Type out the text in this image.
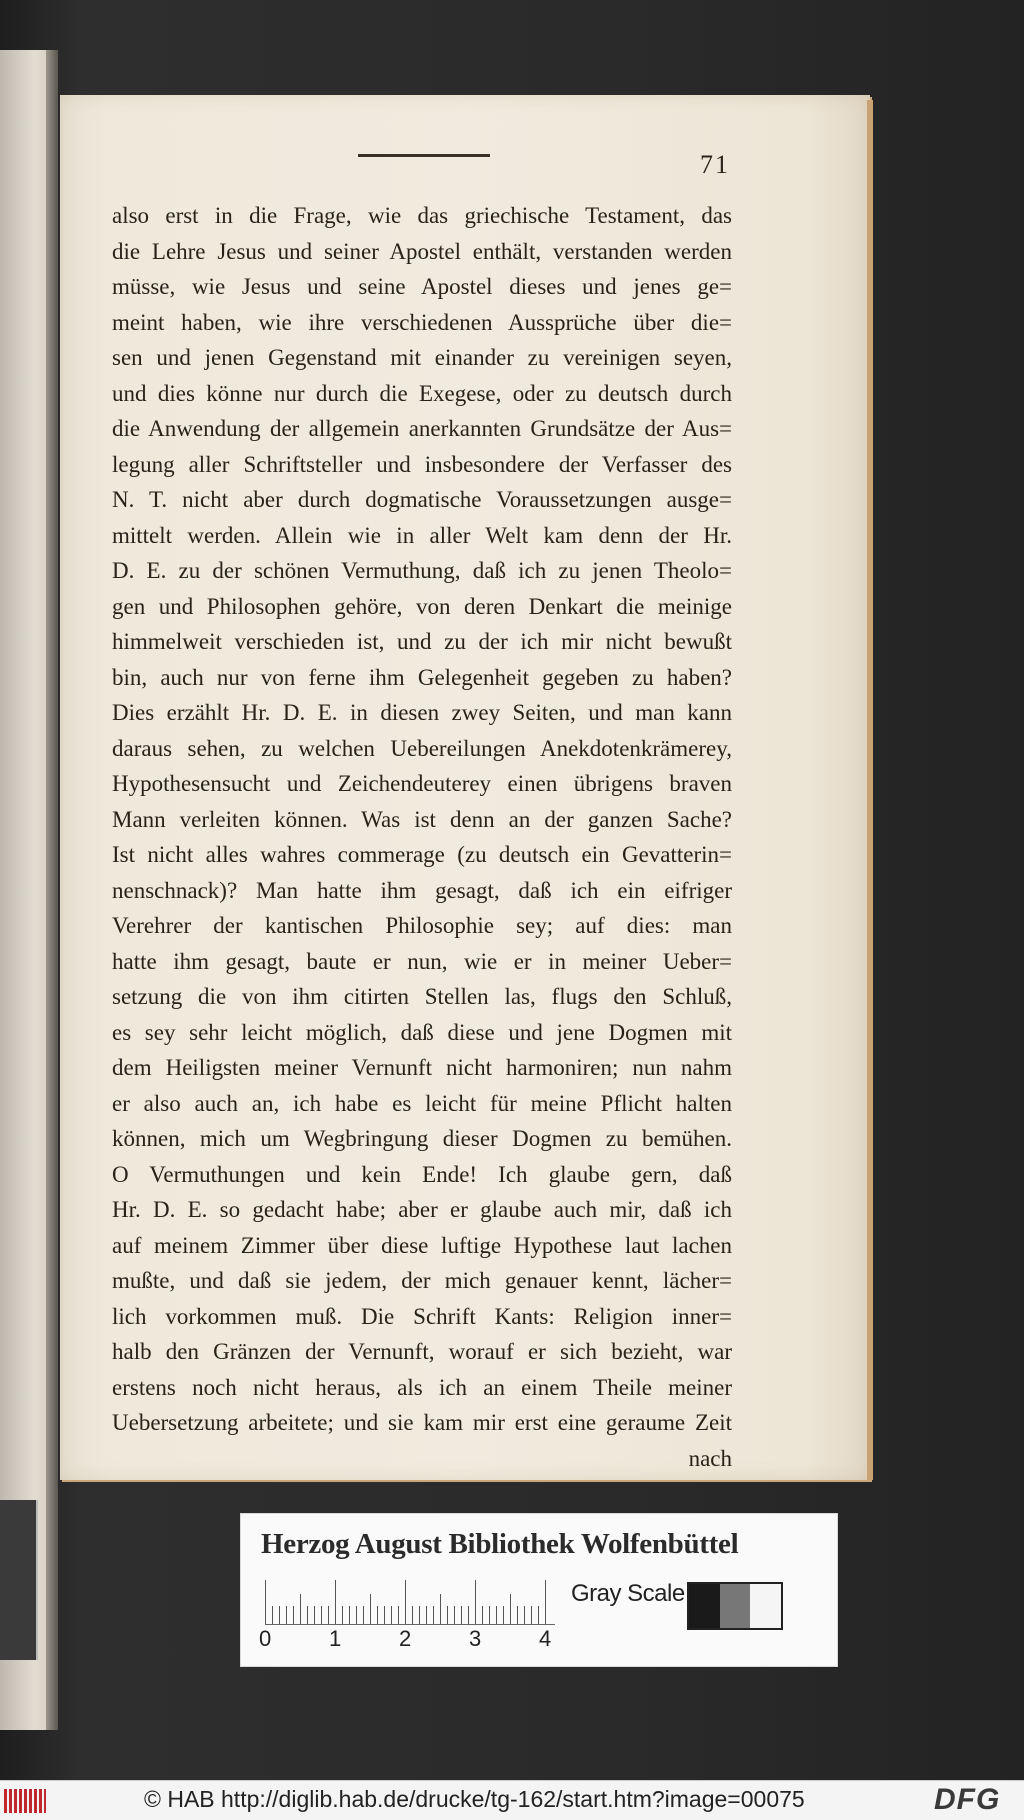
71
also erst in die Frage, wie das griechische Testament, das
die Lehre Jesus und seiner Apostel enthält, verstanden werden
müsse, wie Jesus und seine Apostel dieses und jenes ge=
meint haben, wie ihre verschiedenen Aussprüche über die=
sen und jenen Gegenstand mit einander zu vereinigen seyen,
und dies könne nur durch die Exegese, oder zu deutsch durch
die Anwendung der allgemein anerkannten Grundsätze der Aus=
legung aller Schriftsteller und insbesondere der Verfasser des
N. T. nicht aber durch dogmatische Voraussetzungen ausge=
mittelt werden. Allein wie in aller Welt kam denn der Hr.
D. E. zu der schönen Vermuthung, daß ich zu jenen Theolo=
gen und Philosophen gehöre, von deren Denkart die meinige
himmelweit verschieden ist, und zu der ich mir nicht bewußt
bin, auch nur von ferne ihm Gelegenheit gegeben zu haben?
Dies erzählt Hr. D. E. in diesen zwey Seiten, und man kann
daraus sehen, zu welchen Uebereilungen Anekdotenkrämerey,
Hypothesensucht und Zeichendeuterey einen übrigens braven
Mann verleiten können. Was ist denn an der ganzen Sache?
Ist nicht alles wahres commerage (zu deutsch ein Gevatterin=
nenschnack)? Man hatte ihm gesagt, daß ich ein eifriger
Verehrer der kantischen Philosophie sey; auf dies: man
hatte ihm gesagt, baute er nun, wie er in meiner Ueber=
setzung die von ihm citirten Stellen las, flugs den Schluß,
es sey sehr leicht möglich, daß diese und jene Dogmen mit
dem Heiligsten meiner Vernunft nicht harmoniren; nun nahm
er also auch an, ich habe es leicht für meine Pflicht halten
können, mich um Wegbringung dieser Dogmen zu bemühen.
O Vermuthungen und kein Ende! Ich glaube gern, daß
Hr. D. E. so gedacht habe; aber er glaube auch mir, daß ich
auf meinem Zimmer über diese luftige Hypothese laut lachen
mußte, und daß sie jedem, der mich genauer kennt, lächer=
lich vorkommen muß. Die Schrift Kants: Religion inner=
halb den Gränzen der Vernunft, worauf er sich bezieht, war
erstens noch nicht heraus, als ich an einem Theile meiner
Uebersetzung arbeitete; und sie kam mir erst eine geraume Zeit
nach
Herzog August Bibliothek Wolfenbüttel
0	1	2	3	4
Gray Scale
© HAB http://diglib.hab.de/drucke/tg-162/start.htm?image=00075	DFG
